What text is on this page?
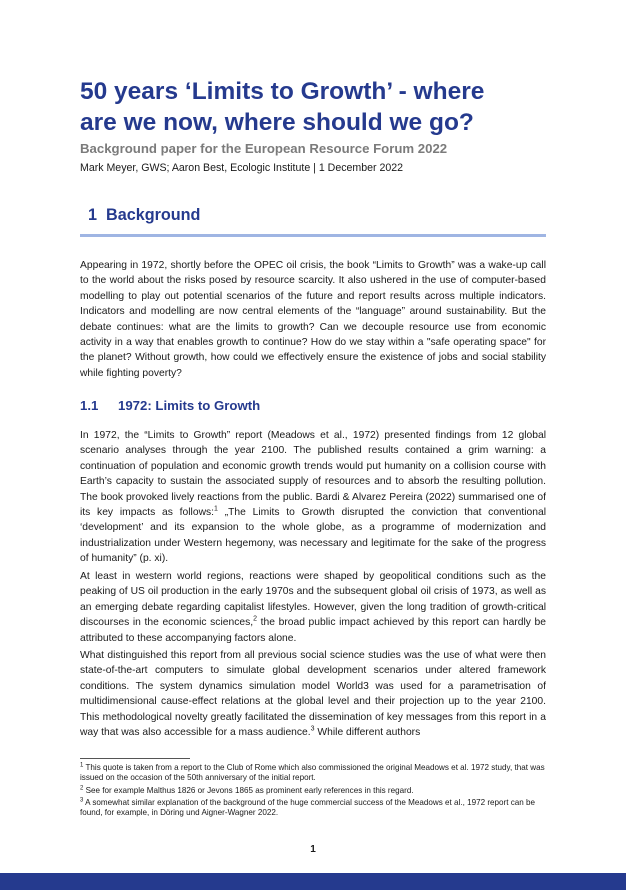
50 years ‘Limits to Growth’ - where
are we now, where should we go?

Background paper for the European Resource Forum 2022

Mark Meyer, GWS; Aaron Best, Ecologic Institute | 1 December 2022

1 Background

Appearing in 1972, shortly before the OPEC oil crisis, the book “Limits to Growth” was a wake-up call to the world about the risks posed by resource scarcity. It also ushered in the use of computer-based modelling to play out potential scenarios of the future and report results across multiple indicators. Indicators and modelling are now central elements of the “language” around sustainability. But the debate continues: what are the limits to growth? Can we decouple resource use from economic activity in a way that enables growth to continue? How do we stay within a "safe operating space" for the planet? Without growth, how could we effectively ensure the existence of jobs and social stability while fighting poverty?

1.1 1972: Limits to Growth

In 1972, the “Limits to Growth” report (Meadows et al., 1972) presented findings from 12 global scenario analyses through the year 2100. The published results contained a grim warning: a continuation of population and economic growth trends would put humanity on a collision course with Earth’s capacity to sustain the associated supply of resources and to absorb the resulting pollution. The book provoked lively reactions from the public. Bardi & Alvarez Pereira (2022) summarised one of its key impacts as follows:$^1$ „The Limits to Growth disrupted the conviction that conventional ‘development’ and its expansion to the whole globe, as a programme of modernization and industrialization under Western hegemony, was necessary and legitimate for the sake of the progress of humanity” (p. xi).

At least in western world regions, reactions were shaped by geopolitical conditions such as the peaking of US oil production in the early 1970s and the subsequent global oil crisis of 1973, as well as an emerging debate regarding capitalist lifestyles. However, given the long tradition of growth-critical discourses in the economic sciences,$^2$ the broad public impact achieved by this report can hardly be attributed to these accompanying factors alone.

What distinguished this report from all previous social science studies was the use of what were then state-of-the-art computers to simulate global development scenarios under altered framework conditions. The system dynamics simulation model World3 was used for a parametrisation of multidimensional cause-effect relations at the global level and their projection up to the year 2100. This methodological novelty greatly facilitated the dissemination of key messages from this report in a way that was also accessible for a mass audience.$^3$ While different authors

$^1$ This quote is taken from a report to the Club of Rome which also commissioned the original Meadows et al. 1972 study, that was issued on the occasion of the 50th anniversary of the initial report.

$^2$ See for example Malthus 1826 or Jevons 1865 as prominent early references in this regard.

$^3$ A somewhat similar explanation of the background of the huge commercial success of the Meadows et al., 1972 report can be found, for example, in Döring und Aigner-Wagner 2022.

1
